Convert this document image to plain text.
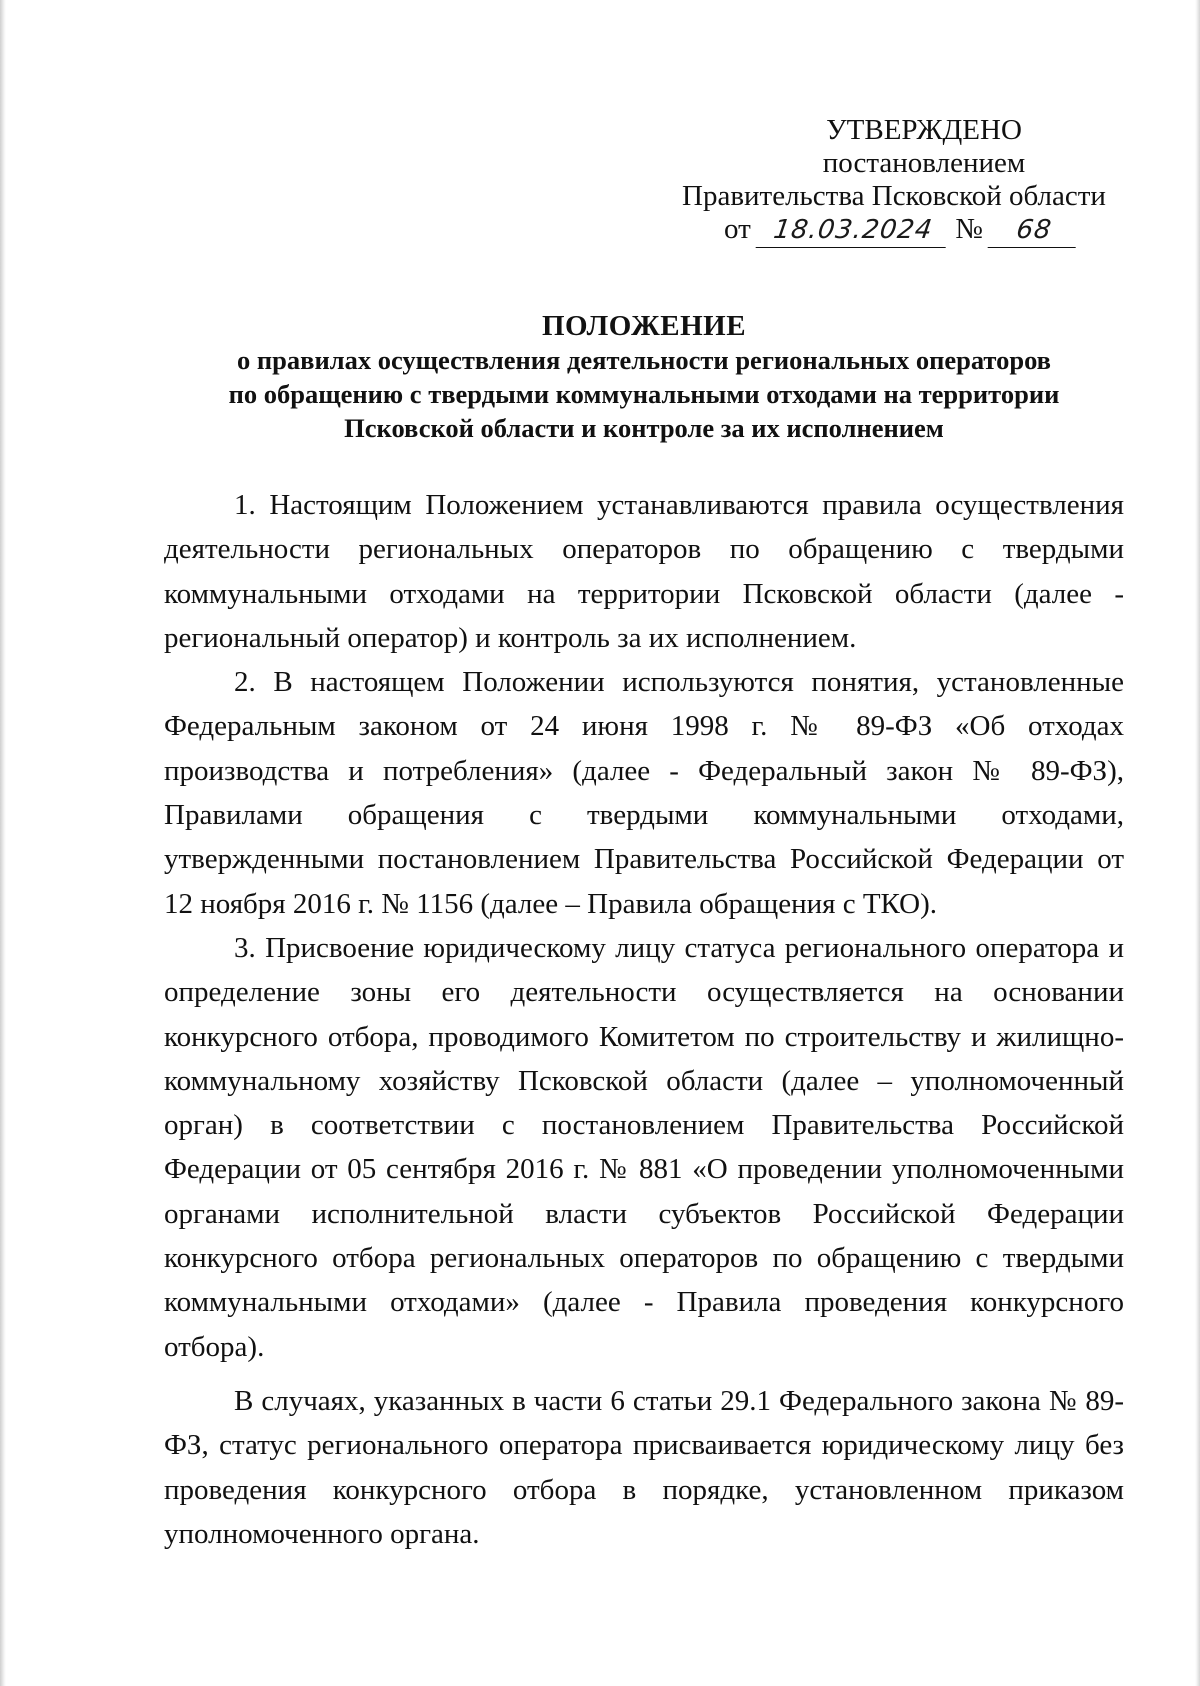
УТВЕРЖДЕНО
постановлением
Правительства Псковской области
от 18.03.2024 № 68
ПОЛОЖЕНИЕ
о правилах осуществления деятельности региональных операторов
по обращению с твердыми коммунальными отходами на территории
Псковской области и контроле за их исполнением

1. Настоящим Положением устанавливаются правила осуществления деятельности региональных операторов по обращению с твердыми коммунальными отходами на территории Псковской области (далее - региональный оператор) и контроль за их исполнением.

2. В настоящем Положении используются понятия, установленные Федеральным законом от 24 июня 1998 г. № 89-ФЗ «Об отходах производства и потребления» (далее - Федеральный закон № 89-ФЗ), Правилами обращения с твердыми коммунальными отходами, утвержденными постановлением Правительства Российской Федерации от 12 ноября 2016 г. № 1156 (далее – Правила обращения с ТКО).

3. Присвоение юридическому лицу статуса регионального оператора и определение зоны его деятельности осуществляется на основании конкурсного отбора, проводимого Комитетом по строительству и жилищно-коммунальному хозяйству Псковской области (далее – уполномоченный орган) в соответствии с постановлением Правительства Российской Федерации от 05 сентября 2016 г. № 881 «О проведении уполномоченными органами исполнительной власти субъектов Российской Федерации конкурсного отбора региональных операторов по обращению с твердыми коммунальными отходами» (далее - Правила проведения конкурсного отбора).

В случаях, указанных в части 6 статьи 29.1 Федерального закона № 89-ФЗ, статус регионального оператора присваивается юридическому лицу без проведения конкурсного отбора в порядке, установленном приказом уполномоченного органа.
